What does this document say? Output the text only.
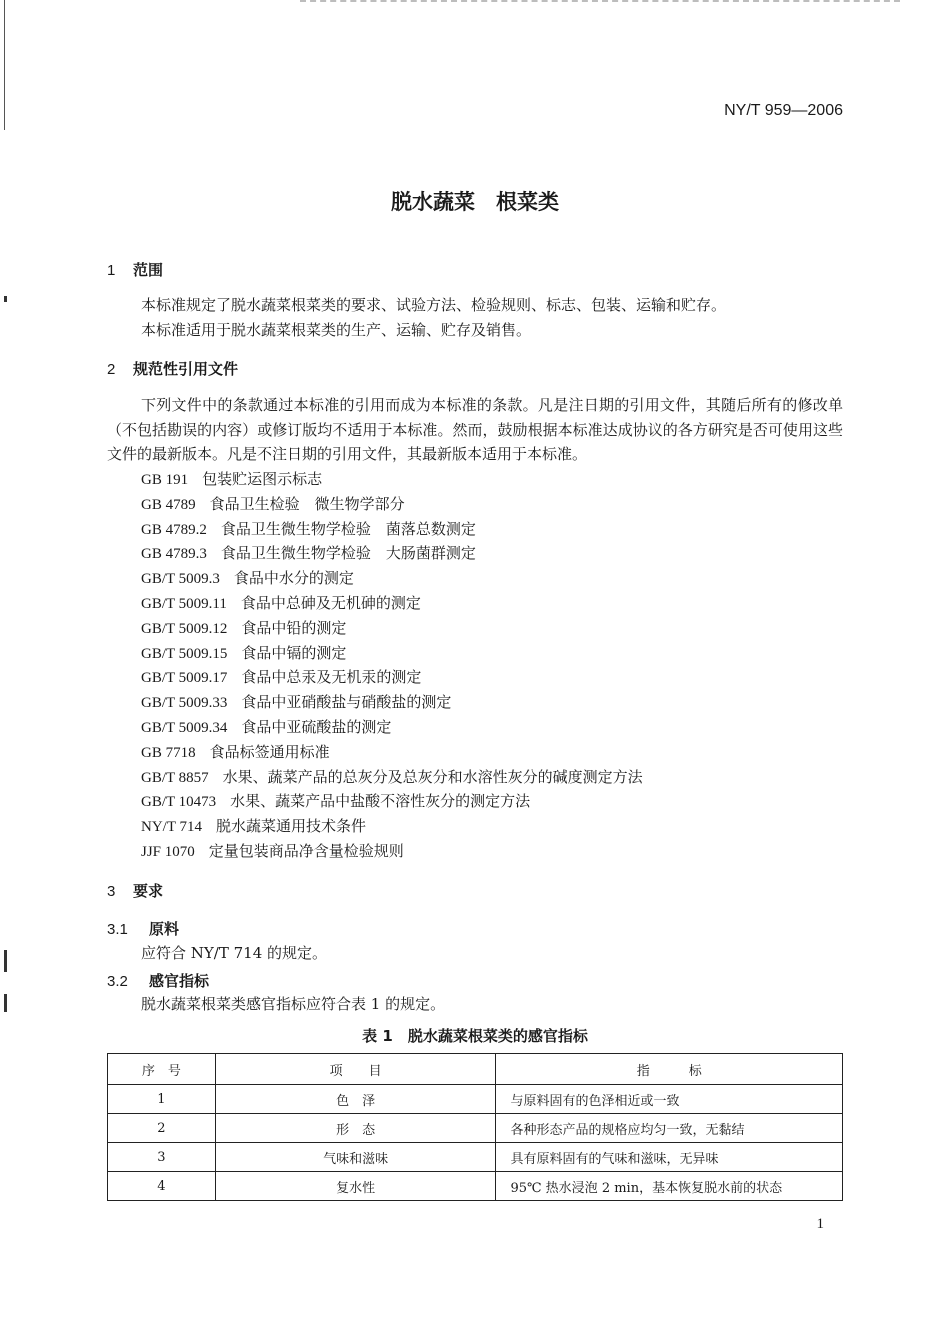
NY/T 959—2006
脱水蔬菜　根菜类
1 范围
本标准规定了脱水蔬菜根菜类的要求、试验方法、检验规则、标志、包装、运输和贮存。
本标准适用于脱水蔬菜根菜类的生产、运输、贮存及销售。
2 规范性引用文件
下列文件中的条款通过本标准的引用而成为本标准的条款。凡是注日期的引用文件，其随后所有的修改单（不包括勘误的内容）或修订版均不适用于本标准。然而，鼓励根据本标准达成协议的各方研究是否可使用这些文件的最新版本。凡是不注日期的引用文件，其最新版本适用于本标准。
GB 191 包装贮运图示标志
GB 4789 食品卫生检验　微生物学部分
GB 4789.2 食品卫生微生物学检验　菌落总数测定
GB 4789.3 食品卫生微生物学检验　大肠菌群测定
GB/T 5009.3 食品中水分的测定
GB/T 5009.11 食品中总砷及无机砷的测定
GB/T 5009.12 食品中铅的测定
GB/T 5009.15 食品中镉的测定
GB/T 5009.17 食品中总汞及无机汞的测定
GB/T 5009.33 食品中亚硝酸盐与硝酸盐的测定
GB/T 5009.34 食品中亚硫酸盐的测定
GB 7718 食品标签通用标准
GB/T 8857 水果、蔬菜产品的总灰分及总灰分和水溶性灰分的碱度测定方法
GB/T 10473 水果、蔬菜产品中盐酸不溶性灰分的测定方法
NY/T 714 脱水蔬菜通用技术条件
JJF 1070 定量包装商品净含量检验规则
3 要求
3.1 原料
应符合 NY/T 714 的规定。
3.2 感官指标
脱水蔬菜根菜类感官指标应符合表 1 的规定。
表 1　脱水蔬菜根菜类的感官指标
序　号	项　　目	指　　　标
1	色　泽	与原料固有的色泽相近或一致
2	形　态	各种形态产品的规格应均匀一致，无黏结
3	气味和滋味	具有原料固有的气味和滋味，无异味
4	复水性	95℃ 热水浸泡 2 min，基本恢复脱水前的状态
1
